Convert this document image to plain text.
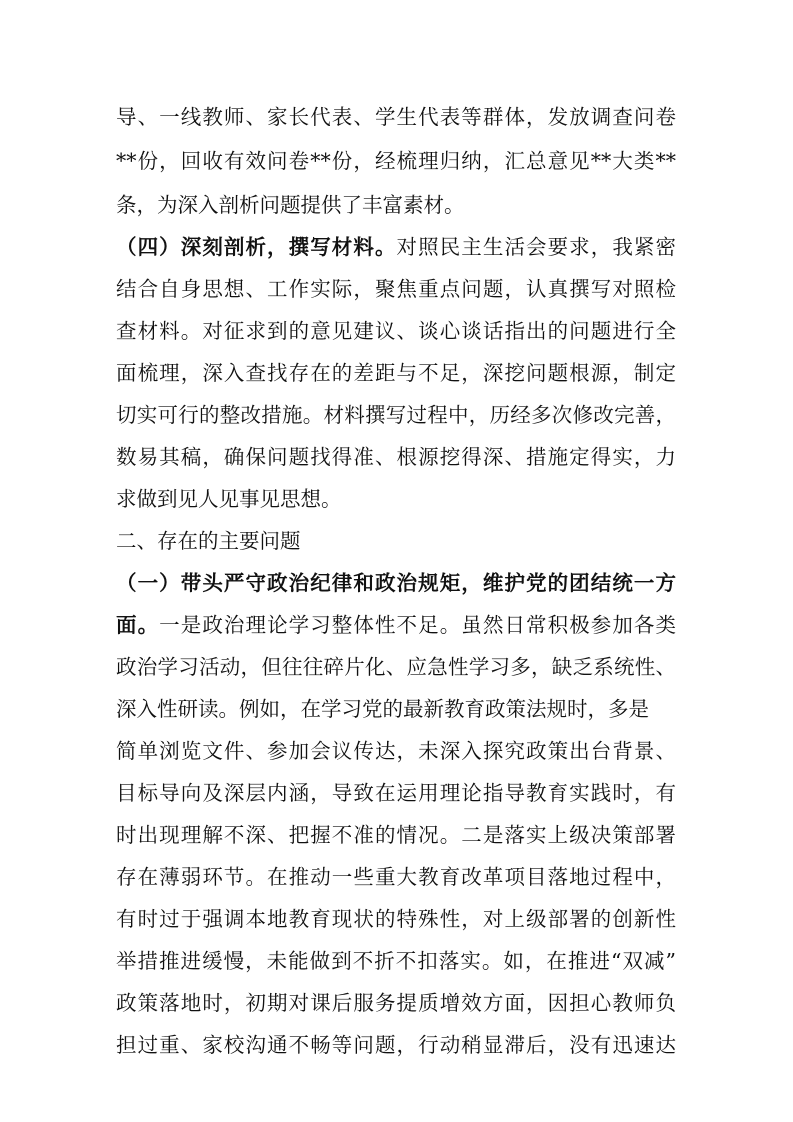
导、一线教师、家长代表、学生代表等群体，发放调查问卷
**份，回收有效问卷**份，经梳理归纳，汇总意见**大类**
条，为深入剖析问题提供了丰富素材。
（四）深刻剖析，撰写材料。对照民主生活会要求，我紧密
结合自身思想、工作实际，聚焦重点问题，认真撰写对照检
查材料。对征求到的意见建议、谈心谈话指出的问题进行全
面梳理，深入查找存在的差距与不足，深挖问题根源，制定
切实可行的整改措施。材料撰写过程中，历经多次修改完善，
数易其稿，确保问题找得准、根源挖得深、措施定得实，力
求做到见人见事见思想。
二、存在的主要问题
（一）带头严守政治纪律和政治规矩，维护党的团结统一方
面。一是政治理论学习整体性不足。虽然日常积极参加各类
政治学习活动，但往往碎片化、应急性学习多，缺乏系统性、
深入性研读。例如，在学习党的最新教育政策法规时，多是
简单浏览文件、参加会议传达，未深入探究政策出台背景、
目标导向及深层内涵，导致在运用理论指导教育实践时，有
时出现理解不深、把握不准的情况。二是落实上级决策部署
存在薄弱环节。在推动一些重大教育改革项目落地过程中，
有时过于强调本地教育现状的特殊性，对上级部署的创新性
举措推进缓慢，未能做到不折不扣落实。如，在推进“双减”
政策落地时，初期对课后服务提质增效方面，因担心教师负
担过重、家校沟通不畅等问题，行动稍显滞后，没有迅速达
